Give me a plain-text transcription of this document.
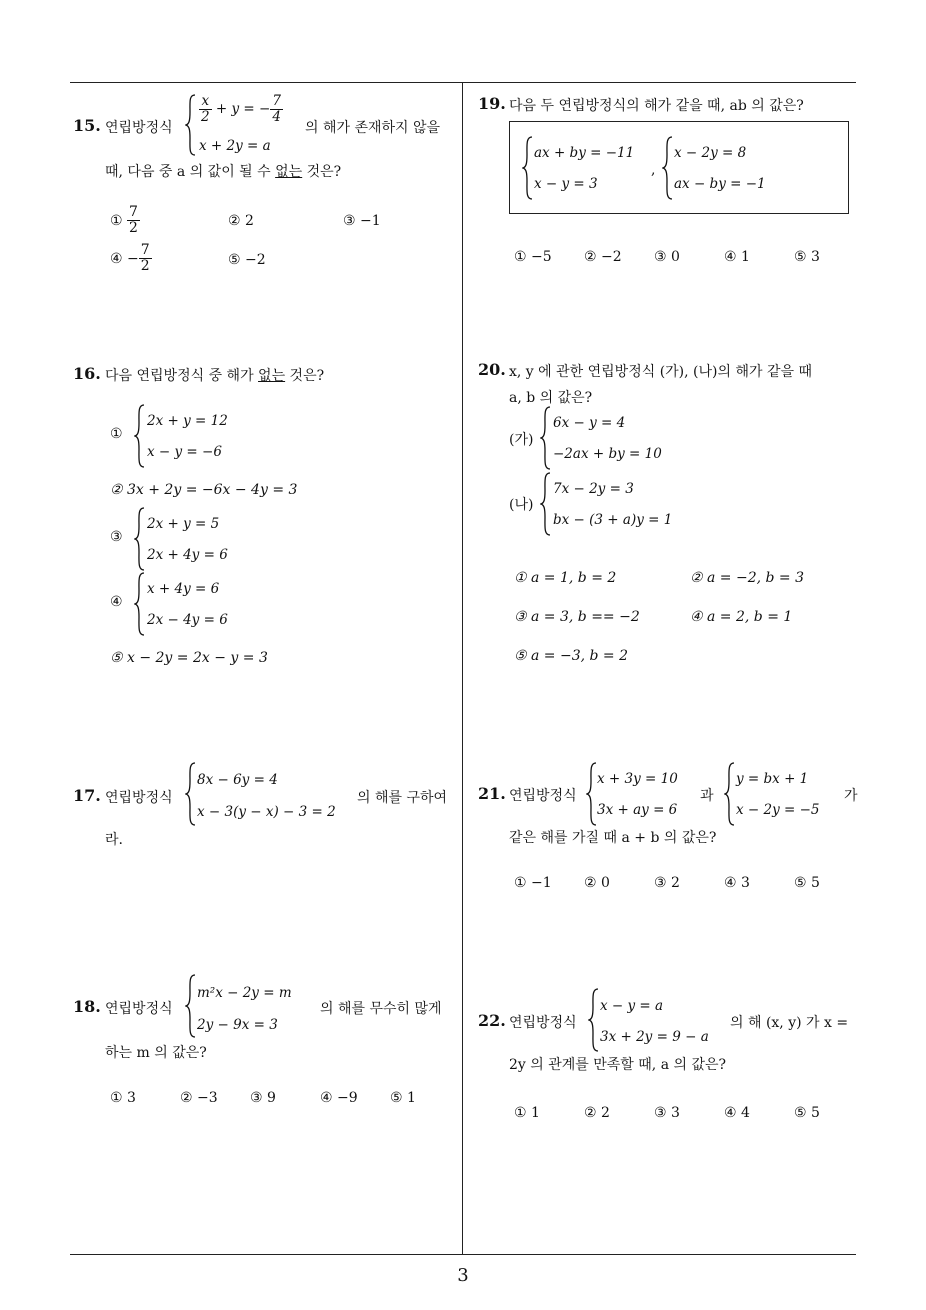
15. 연립방정식
$\frac{x}{2} + y$ = − $\frac{7}{4}$
x + 2y = a
의 해가 존재하지 않을
때, 다음 중 a 의 값이 될 수 없는 것은?
① $\frac{7}{2}$	② 2	③ −1
④ − $\frac{7}{2}$	⑤ −2
16. 다음 연립방정식 중 해가 없는 것은?
①
2x + y = 12
x − y = −6
② 3x + 2y = −6x − 4y = 3
③
2x + y = 5
2x + 4y = 6
④
x + 4y = 6
2x − 4y = 6
⑤ x − 2y = 2x − y = 3
17. 연립방정식
8x − 6y = 4
x − 3(y − x) − 3 = 2
의 해를 구하여
라.
18. 연립방정식
m²x − 2y = m
2y − 9x = 3
의 해를 무수히 많게
하는 m 의 값은?
① 3	② −3 ③ 9	④ −9 ⑤ 1
19. 다음 두 연립방정식의 해가 같을 때, ab 의 값은?
ax + by = −11
x − y = 3
,
x − 2y = 8
ax − by = −1
① −5 ② −2 ③ 0	④ 1	⑤ 3
20. x, y 에 관한 연립방정식 (가), (나)의 해가 같을 때
a, b 의 값은?
(가)
6x − y = 4
−2ax + by = 10
(나)
7x − 2y = 3
bx − (3 + a)y = 1
① a = 1, b = 2	② a = −2, b = 3
③ a = 3, b == −2	④ a = 2, b = 1
⑤ a = −3, b = 2
21. 연립방정식
x + 3y = 10
3x + ay = 6
과
y = bx + 1
x − 2y = −5
가
같은 해를 가질 때 a + b 의 값은?
① −1 ② 0	③ 2	④ 3	⑤ 5
22. 연립방정식
x − y = a
3x + 2y = 9 − a
의 해 (x, y) 가 x =
2y 의 관계를 만족할 때, a 의 값은?
① 1	② 2	③ 3	④ 4	⑤ 5
3
